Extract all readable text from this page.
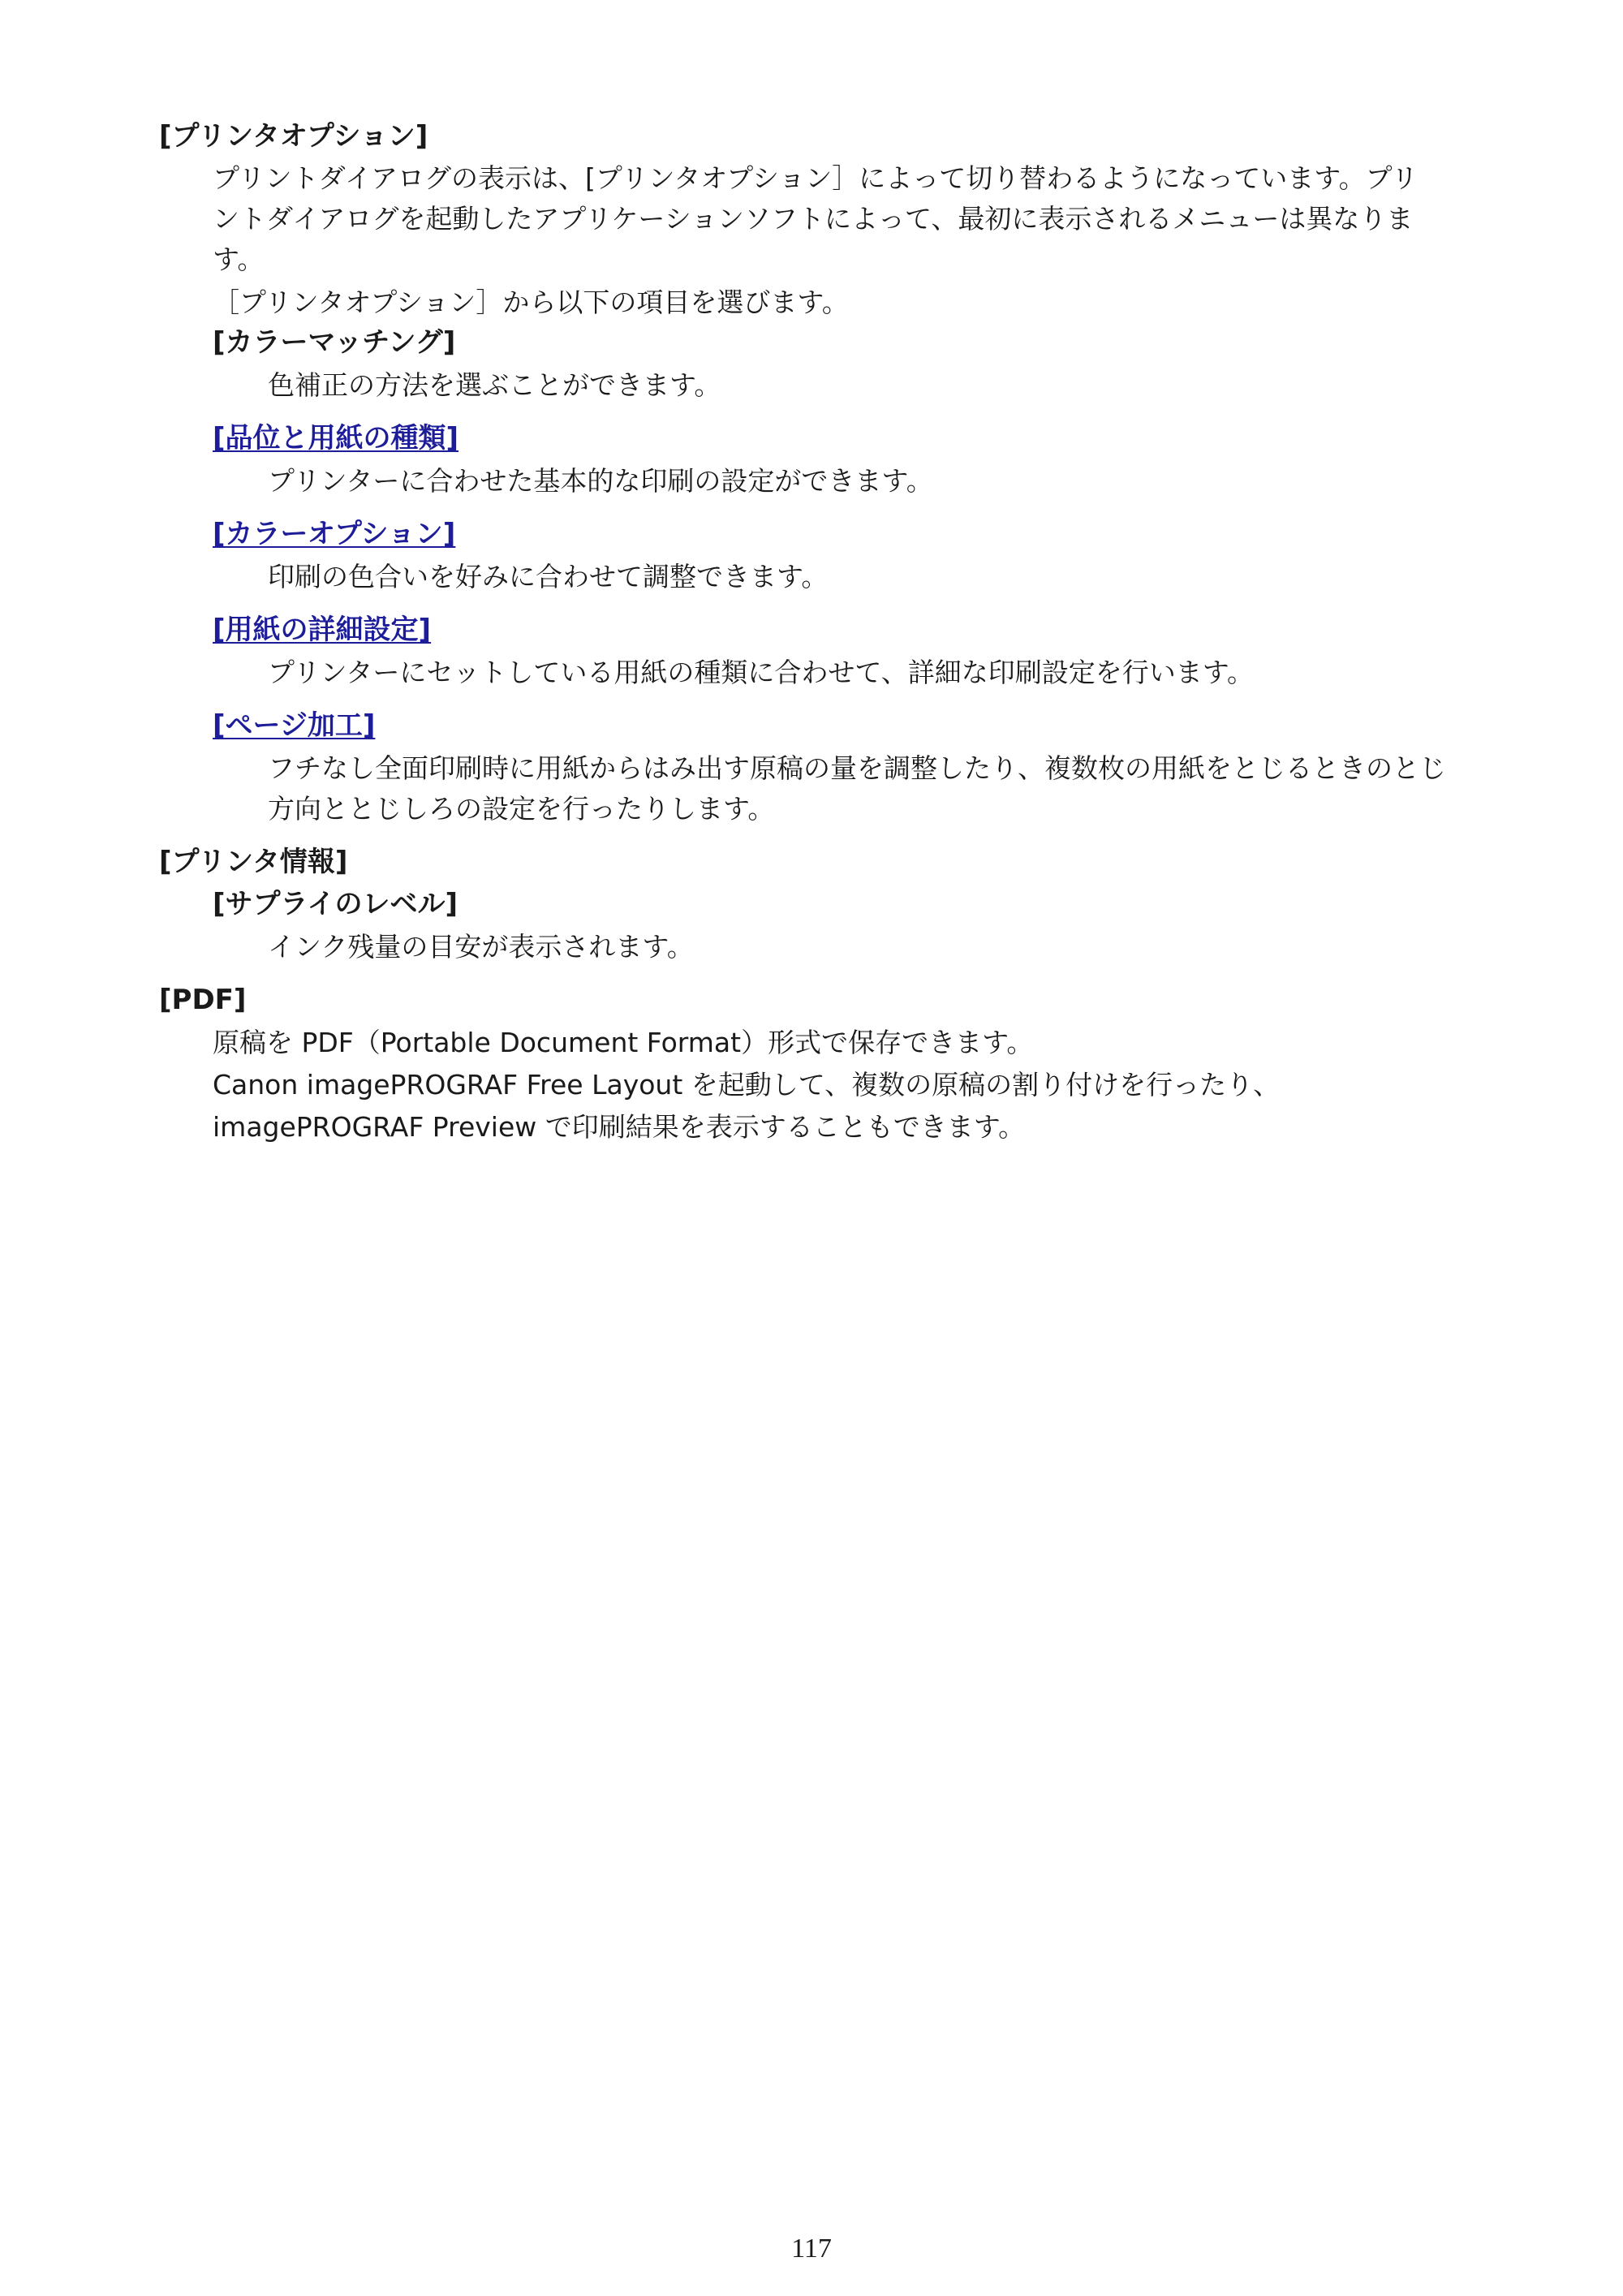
[プリンタオプション]
プリントダイアログの表示は、[プリンタオプション］によって切り替わるようになっています。プリ
ントダイアログを起動したアプリケーションソフトによって、最初に表示されるメニューは異なりま
す。
［プリンタオプション］から以下の項目を選びます。
[カラーマッチング]
色補正の方法を選ぶことができます。
[品位と用紙の種類]
プリンターに合わせた基本的な印刷の設定ができます。
[カラーオプション]
印刷の色合いを好みに合わせて調整できます。
[用紙の詳細設定]
プリンターにセットしている用紙の種類に合わせて、詳細な印刷設定を行います。
[ページ加工]
フチなし全面印刷時に用紙からはみ出す原稿の量を調整したり、複数枚の用紙をとじるときのとじ
方向ととじしろの設定を行ったりします。
[プリンタ情報]
[サプライのレベル]
インク残量の目安が表示されます。
[PDF]
原稿を PDF（Portable Document Format）形式で保存できます。
Canon imagePROGRAF Free Layout を起動して、複数の原稿の割り付けを行ったり、
imagePROGRAF Preview で印刷結果を表示することもできます。
117
